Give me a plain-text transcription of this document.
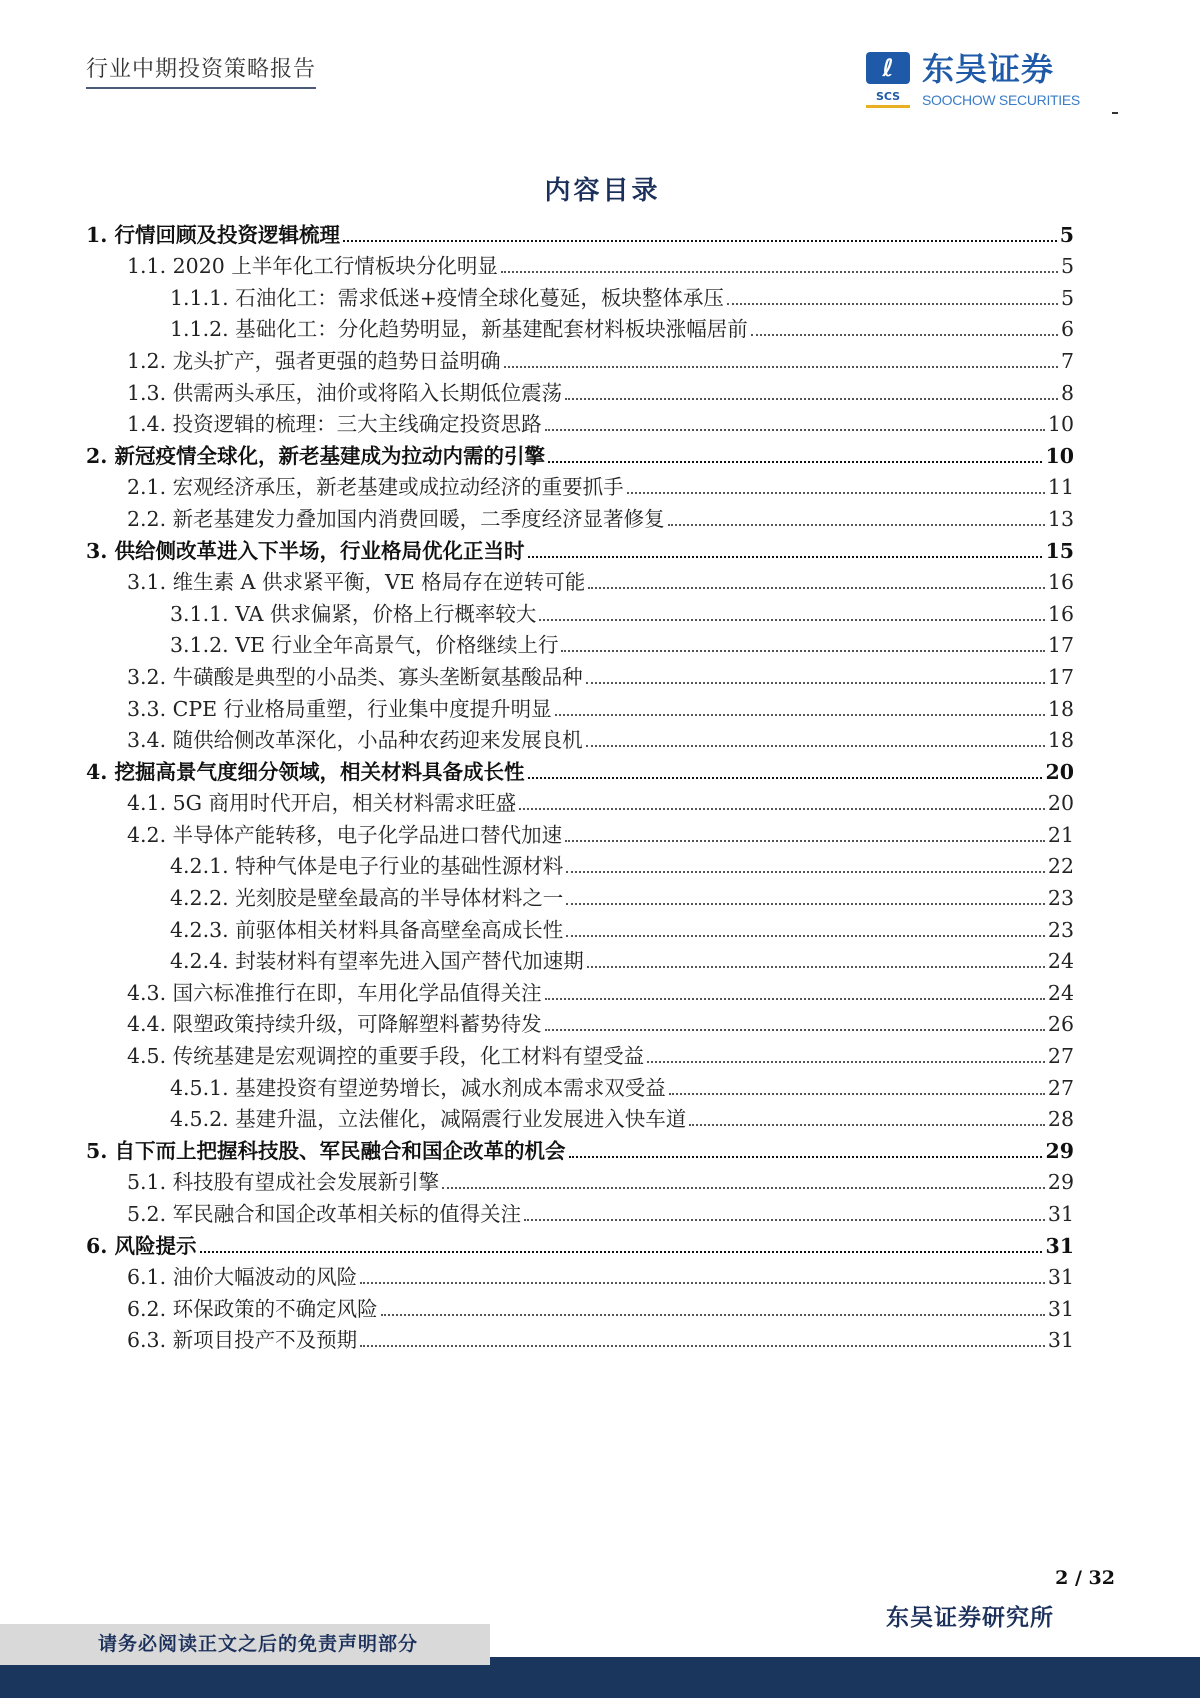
行业中期投资策略报告	ℓ
SCS
东吴证券
SOOCHOW SECURITIES
内容目录
1. 行情回顾及投资逻辑梳理	5
1.1. 2020 上半年化工行情板块分化明显	5
1.1.1. 石油化工：需求低迷+疫情全球化蔓延，板块整体承压	5
1.1.2. 基础化工：分化趋势明显，新基建配套材料板块涨幅居前	6
1.2. 龙头扩产，强者更强的趋势日益明确	7
1.3. 供需两头承压，油价或将陷入长期低位震荡	8
1.4. 投资逻辑的梳理：三大主线确定投资思路	10
2. 新冠疫情全球化，新老基建成为拉动内需的引擎	10
2.1. 宏观经济承压，新老基建或成拉动经济的重要抓手	11
2.2. 新老基建发力叠加国内消费回暖，二季度经济显著修复	13
3. 供给侧改革进入下半场，行业格局优化正当时	15
3.1. 维生素 A 供求紧平衡，VE 格局存在逆转可能	16
3.1.1. VA 供求偏紧，价格上行概率较大	16
3.1.2. VE 行业全年高景气，价格继续上行	17
3.2. 牛磺酸是典型的小品类、寡头垄断氨基酸品种	17
3.3. CPE 行业格局重塑，行业集中度提升明显	18
3.4. 随供给侧改革深化，小品种农药迎来发展良机	18
4. 挖掘高景气度细分领域，相关材料具备成长性	20
4.1. 5G 商用时代开启，相关材料需求旺盛	20
4.2. 半导体产能转移，电子化学品进口替代加速	21
4.2.1. 特种气体是电子行业的基础性源材料	22
4.2.2. 光刻胶是壁垒最高的半导体材料之一	23
4.2.3. 前驱体相关材料具备高壁垒高成长性	23
4.2.4. 封装材料有望率先进入国产替代加速期	24
4.3. 国六标准推行在即，车用化学品值得关注	24
4.4. 限塑政策持续升级，可降解塑料蓄势待发	26
4.5. 传统基建是宏观调控的重要手段，化工材料有望受益	27
4.5.1. 基建投资有望逆势增长，减水剂成本需求双受益	27
4.5.2. 基建升温，立法催化，减隔震行业发展进入快车道	28
5. 自下而上把握科技股、军民融合和国企改革的机会	29
5.1. 科技股有望成社会发展新引擎	29
5.2. 军民融合和国企改革相关标的值得关注	31
6. 风险提示	31
6.1. 油价大幅波动的风险	31
6.2. 环保政策的不确定风险	31
6.3. 新项目投产不及预期	31
2 / 32
东吴证券研究所
请务必阅读正文之后的免责声明部分
